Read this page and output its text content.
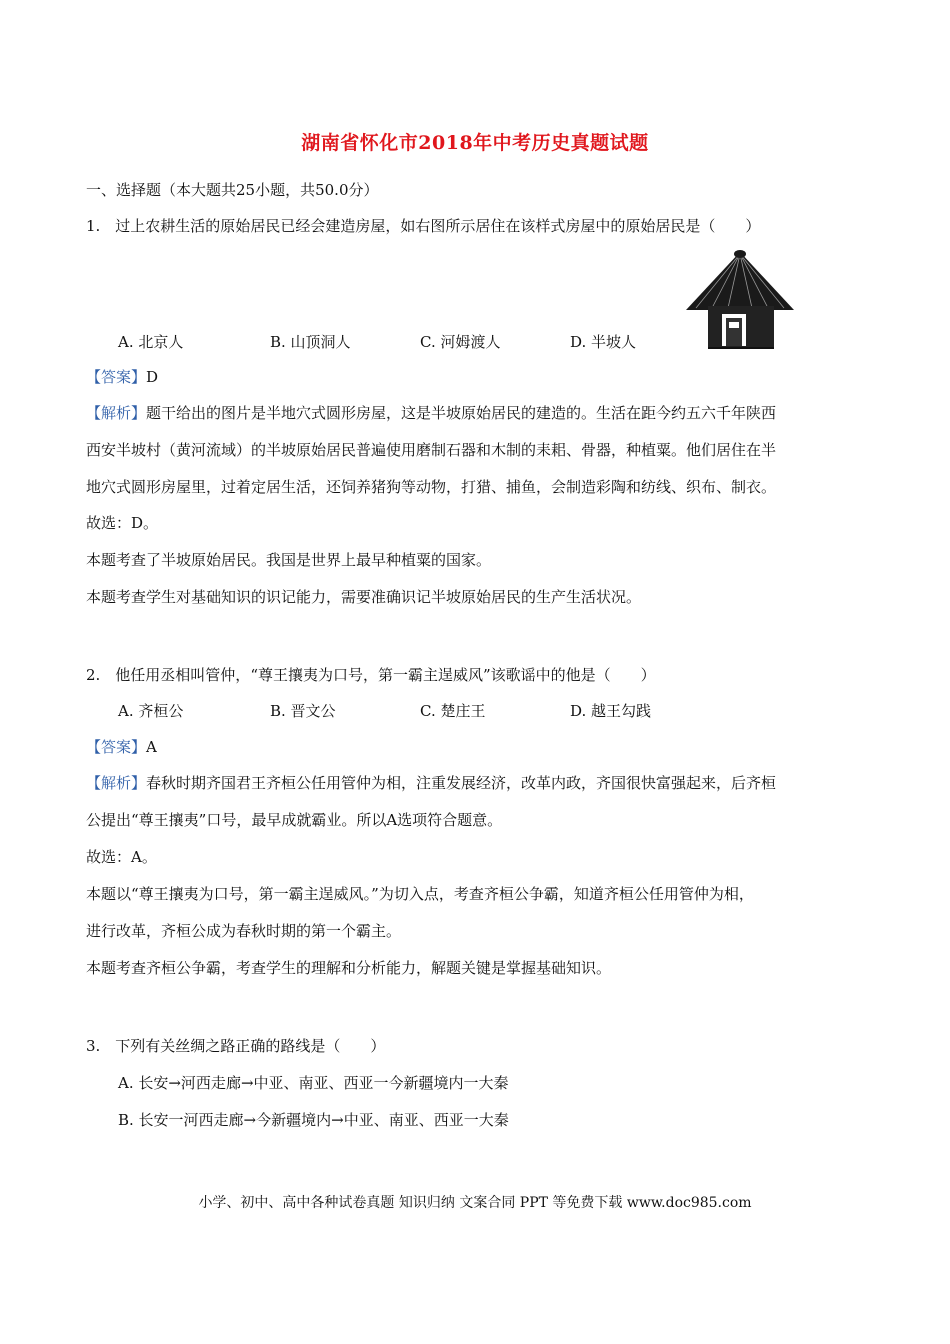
湖南省怀化市2018年中考历史真题试题
一、选择题（本大题共25小题，共50.0分）
1.　过上农耕生活的原始居民已经会建造房屋，如右图所示居住在该样式房屋中的原始居民是（　　）
A. 北京人	B. 山顶洞人	C. 河姆渡人	D. 半坡人
【答案】D
【解析】题干给出的图片是半地穴式圆形房屋，这是半坡原始居民的建造的。生活在距今约五六千年陕西
西安半坡村（黄河流域）的半坡原始居民普遍使用磨制石器和木制的耒耜、骨器，种植粟。他们居住在半
地穴式圆形房屋里，过着定居生活，还饲养猪狗等动物，打猎、捕鱼，会制造彩陶和纺线、织布、制衣。
故选：D。
本题考查了半坡原始居民。我国是世界上最早种植粟的国家。
本题考查学生对基础知识的识记能力，需要准确识记半坡原始居民的生产生活状况。
2.　他任用丞相叫管仲，“尊王攘夷为口号，第一霸主逞威风”该歌谣中的他是（　　）
A. 齐桓公	B. 晋文公	C. 楚庄王	D. 越王勾践
【答案】A
【解析】春秋时期齐国君王齐桓公任用管仲为相，注重发展经济，改革内政，齐国很快富强起来，后齐桓
公提出“尊王攘夷”口号，最早成就霸业。所以A选项符合题意。
故选：A。
本题以“尊王攘夷为口号，第一霸主逞威风。”为切入点，考查齐桓公争霸，知道齐桓公任用管仲为相，
进行改革，齐桓公成为春秋时期的第一个霸主。
本题考查齐桓公争霸，考查学生的理解和分析能力，解题关键是掌握基础知识。
3.　下列有关丝绸之路正确的路线是（　　）
A. 长安→河西走廊→中亚、南亚、西亚一今新疆境内一大秦
B. 长安一河西走廊→今新疆境内→中亚、南亚、西亚一大秦
小学、初中、高中各种试卷真题 知识归纳 文案合同 PPT 等免费下载 www.doc985.com
